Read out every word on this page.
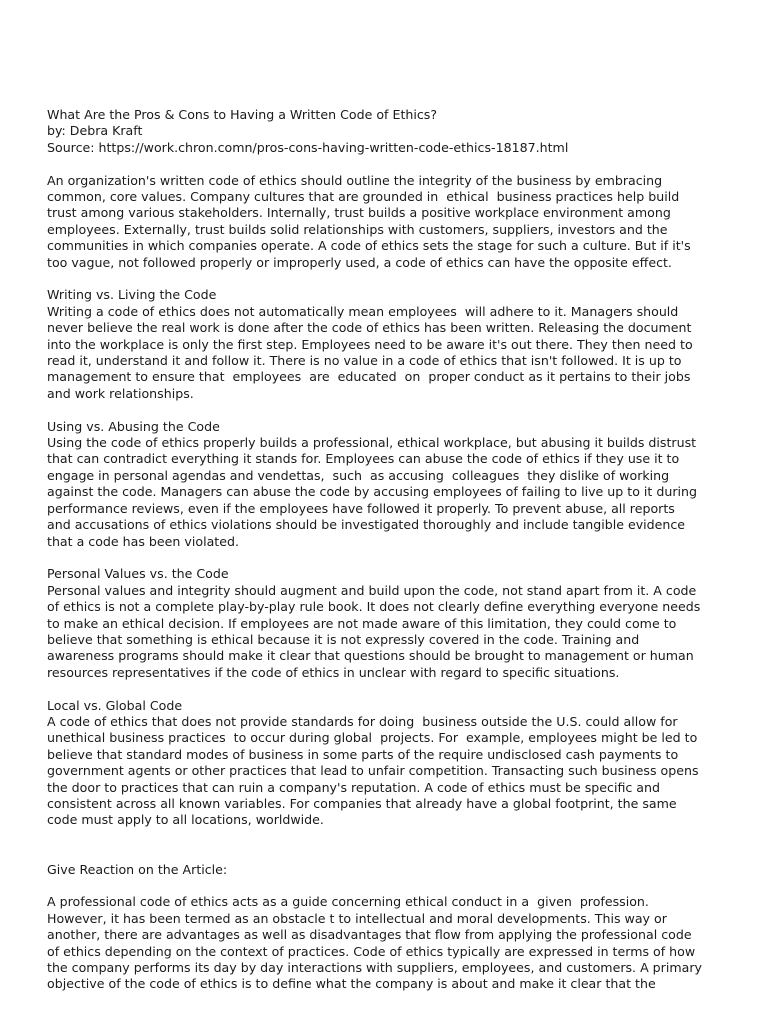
What Are the Pros & Cons to Having a Written Code of Ethics?
by: Debra Kraft
Source: https://work.chron.comn/pros-cons-having-written-code-ethics-18187.html
An organization's written code of ethics should outline the integrity of the business by embracing
common, core values. Company cultures that are grounded in  ethical  business practices help build
trust among various stakeholders. Internally, trust builds a positive workplace environment among
employees. Externally, trust builds solid relationships with customers, suppliers, investors and the
communities in which companies operate. A code of ethics sets the stage for such a culture. But if it's
too vague, not followed properly or improperly used, a code of ethics can have the opposite effect.
Writing vs. Living the Code
Writing a code of ethics does not automatically mean employees  will adhere to it. Managers should
never believe the real work is done after the code of ethics has been written. Releasing the document
into the workplace is only the first step. Employees need to be aware it's out there. They then need to
read it, understand it and follow it. There is no value in a code of ethics that isn't followed. It is up to
management to ensure that  employees  are  educated  on  proper conduct as it pertains to their jobs
and work relationships.
Using vs. Abusing the Code
Using the code of ethics properly builds a professional, ethical workplace, but abusing it builds distrust
that can contradict everything it stands for. Employees can abuse the code of ethics if they use it to
engage in personal agendas and vendettas,  such  as accusing  colleagues  they dislike of working
against the code. Managers can abuse the code by accusing employees of failing to live up to it during
performance reviews, even if the employees have followed it properly. To prevent abuse, all reports
and accusations of ethics violations should be investigated thoroughly and include tangible evidence
that a code has been violated.
Personal Values vs. the Code
Personal values and integrity should augment and build upon the code, not stand apart from it. A code
of ethics is not a complete play-by-play rule book. It does not clearly define everything everyone needs
to make an ethical decision. If employees are not made aware of this limitation, they could come to
believe that something is ethical because it is not expressly covered in the code. Training and
awareness programs should make it clear that questions should be brought to management or human
resources representatives if the code of ethics in unclear with regard to specific situations.
Local vs. Global Code
A code of ethics that does not provide standards for doing  business outside the U.S. could allow for
unethical business practices  to occur during global  projects. For  example, employees might be led to
believe that standard modes of business in some parts of the require undisclosed cash payments to
government agents or other practices that lead to unfair competition. Transacting such business opens
the door to practices that can ruin a company's reputation. A code of ethics must be specific and
consistent across all known variables. For companies that already have a global footprint, the same
code must apply to all locations, worldwide.
Give Reaction on the Article:
A professional code of ethics acts as a guide concerning ethical conduct in a  given  profession.
However, it has been termed as an obstacle t to intellectual and moral developments. This way or
another, there are advantages as well as disadvantages that flow from applying the professional code
of ethics depending on the context of practices. Code of ethics typically are expressed in terms of how
the company performs its day by day interactions with suppliers, employees, and customers. A primary
objective of the code of ethics is to define what the company is about and make it clear that the
